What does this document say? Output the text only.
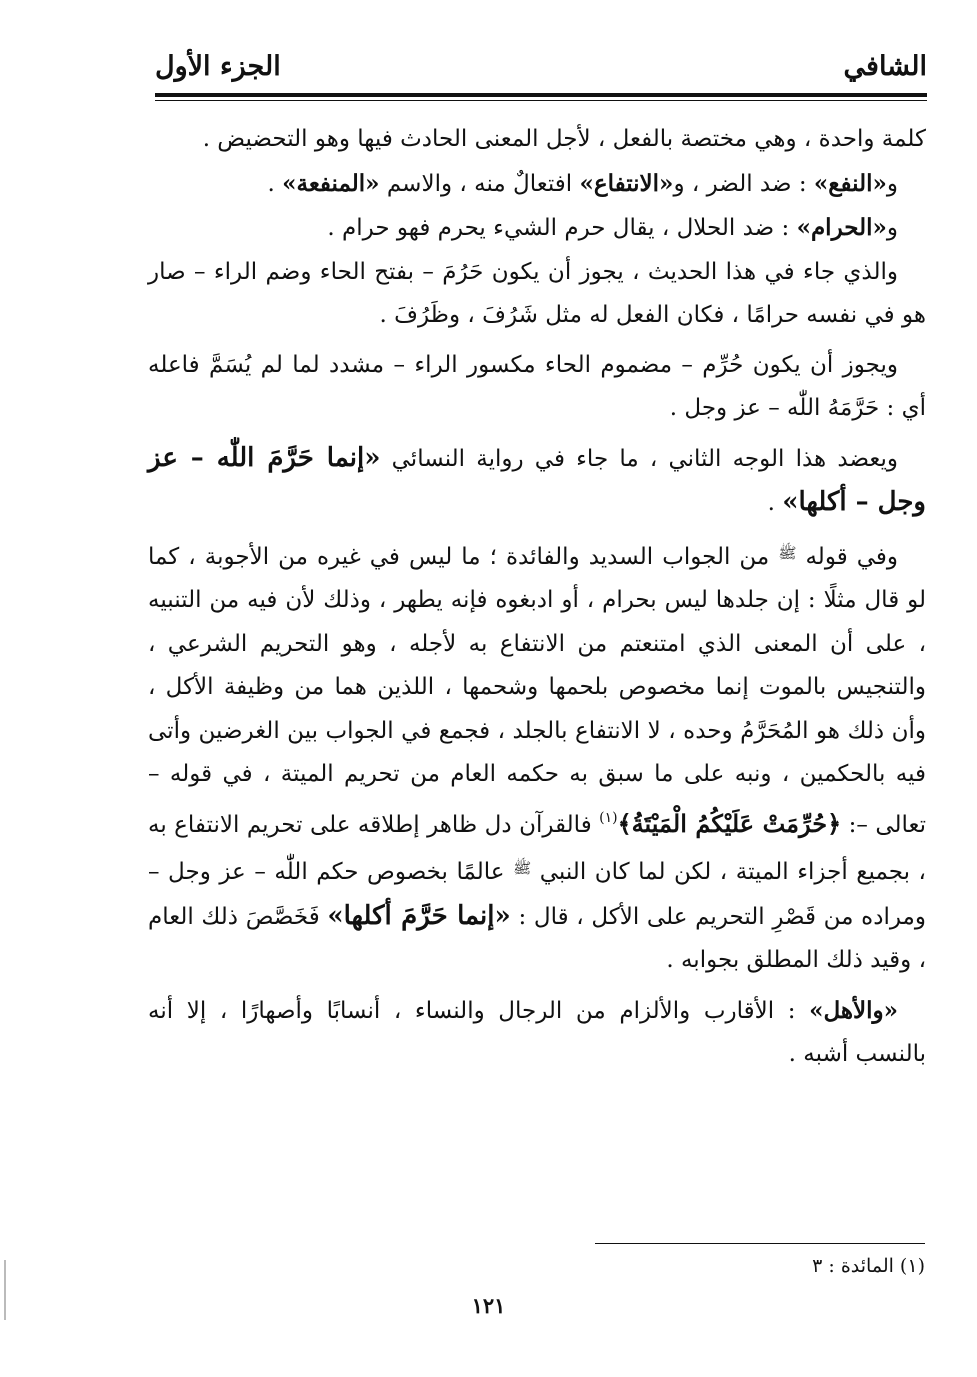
الشافي
الجزء الأول

كلمة واحدة ، وهي مختصة بالفعل ، لأجل المعنى الحادث فيها وهو التحضيض .

و«النفع» : ضد الضر ، و«الانتفاع» افتعالٌ منه ، والاسم «المنفعة» .

و«الحرام» : ضد الحلال ، يقال حرم الشيء يحرم فهو حرام .

والذي جاء في هذا الحديث ، يجوز أن يكون حَرُمَ – بفتح الحاء وضم الراء – صار هو في نفسه حرامًا ، فكان الفعل له مثل شَرُفَ ، وظَرُفَ .

ويجوز أن يكون حُرِّم – مضموم الحاء مكسور الراء – مشدد لما لم يُسَمَّ فاعله أي : حَرَّمَهُ اللّٰه – عز وجل .

ويعضد هذا الوجه الثاني ، ما جاء في رواية النسائي «إنما حَرَّمَ اللّٰه – عز وجل – أكلها» .

وفي قوله $^ﷺ$ من الجواب السديد والفائدة ؛ ما ليس في غيره من الأجوبة ، كما لو قال مثلًا : إن جلدها ليس بحرام ، أو ادبغوه فإنه يطهر ، وذلك لأن فيه من التنبيه ، على أن المعنى الذي امتنعتم من الانتفاع به لأجله ، وهو التحريم الشرعي ، والتنجيس بالموت إنما مخصوص بلحمها وشحمها ، اللذين هما من وظيفة الأكل ، وأن ذلك هو المُحَرَّمُ وحده ، لا الانتفاع بالجلد ، فجمع في الجواب بين الغرضين وأتى فيه بالحكمين ، ونبه على ما سبق به حكمه العام من تحريم الميتة ، في قوله – تعالى –: ﴿حُرِّمَتْ عَلَيْكُمُ الْمَيْتَةُ﴾$^{(١)}$ فالقرآن دل ظاهر إطلاقه على تحريم الانتفاع به ، بجميع أجزاء الميتة ، لكن لما كان النبي $^ﷺ$ عالمًا بخصوص حكم اللّٰه – عز وجل – ومراده من قَصْرِ التحريم على الأكل ، قال : «إنما حَرَّمَ أكلها» فَخَصَّصَ ذلك العام ، وقيد ذلك المطلق بجوابه .

«والأهل» : الأقارب والألزام من الرجال والنساء ، أنسابًا وأصهارًا ، إلا أنه بالنسب أشبه .

(١) المائدة : ٣
١٢١
